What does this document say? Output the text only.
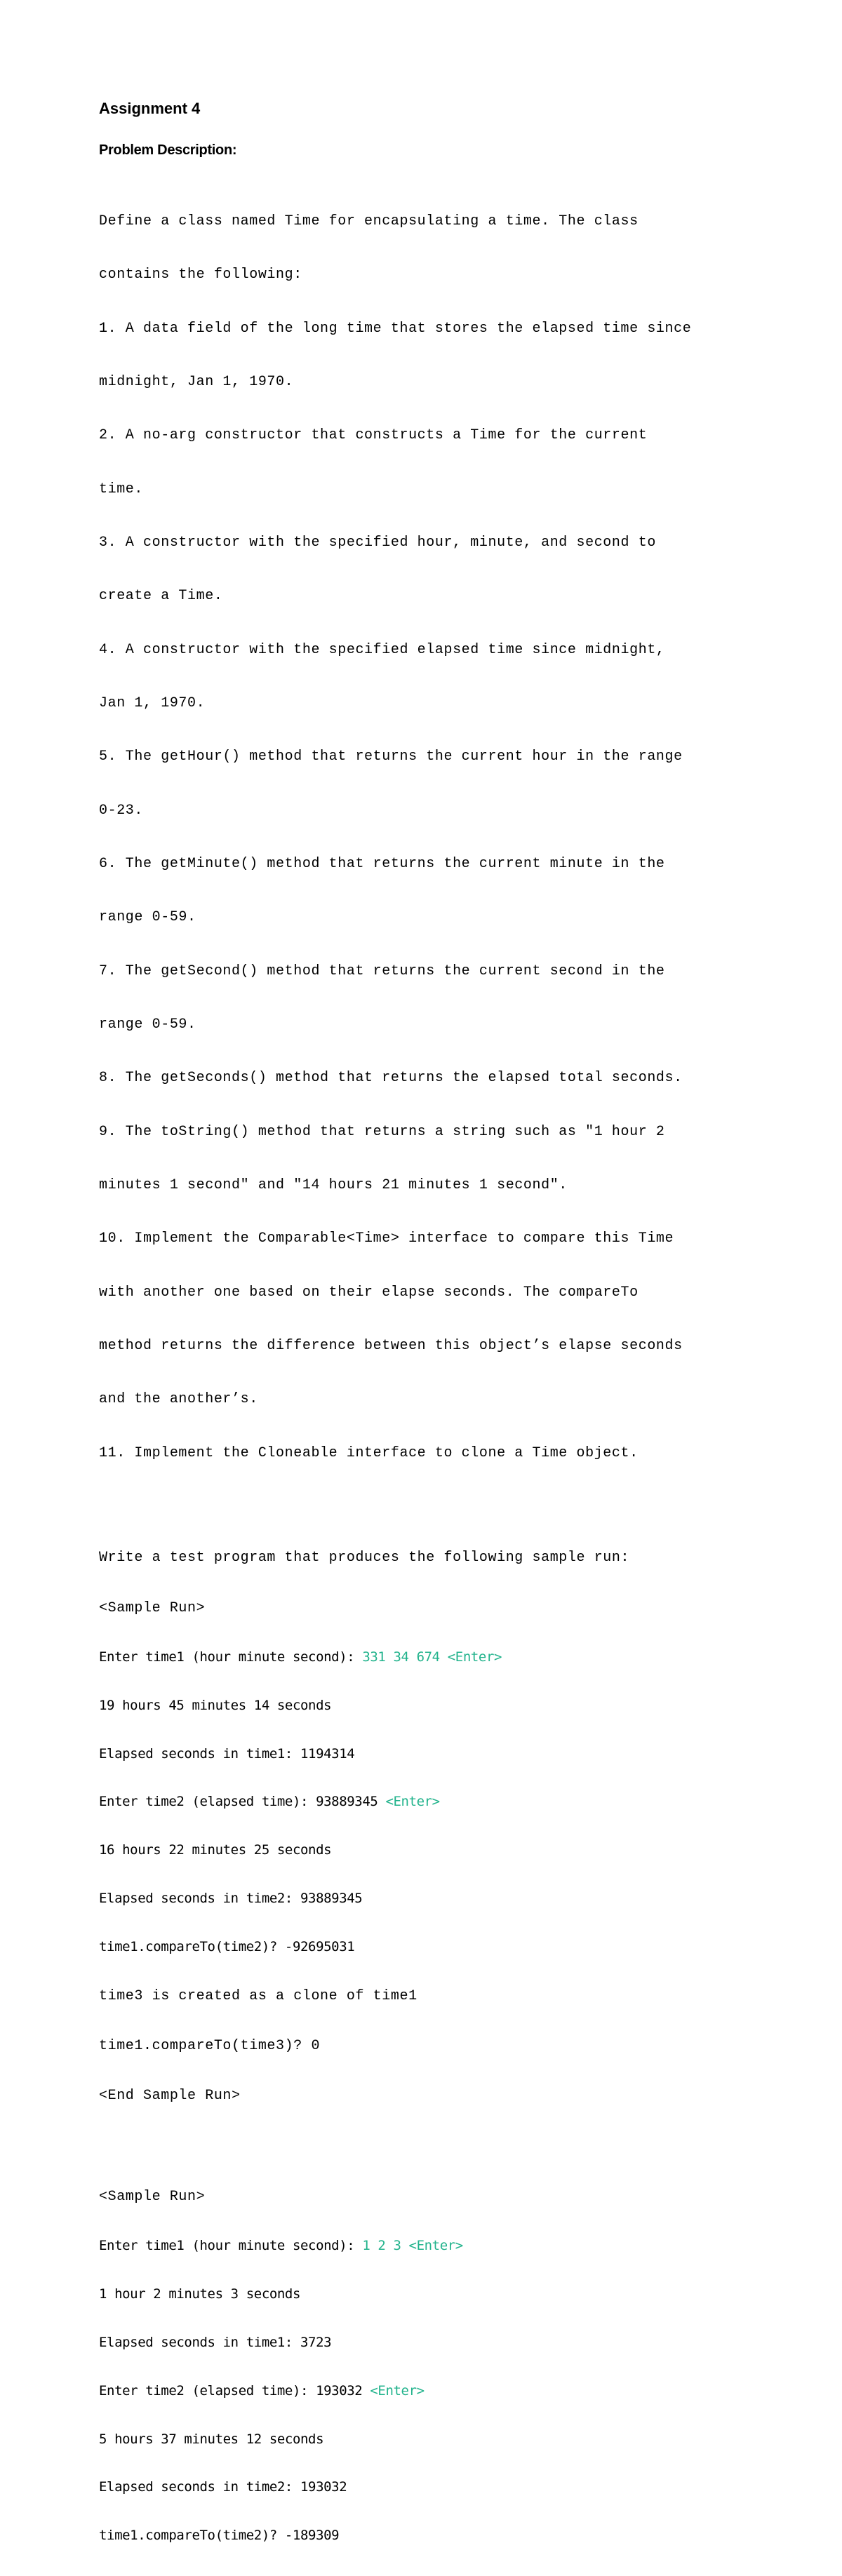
Assignment 4
Problem Description:

Define a class named Time for encapsulating a time. The class

contains the following:

1. A data field of the long time that stores the elapsed time since

midnight, Jan 1, 1970.

2. A no-arg constructor that constructs a Time for the current

time.

3. A constructor with the specified hour, minute, and second to

create a Time.

4. A constructor with the specified elapsed time since midnight,

Jan 1, 1970.

5. The getHour() method that returns the current hour in the range

0-23.

6. The getMinute() method that returns the current minute in the

range 0-59.

7. The getSecond() method that returns the current second in the

range 0-59.

8. The getSeconds() method that returns the elapsed total seconds.

9. The toString() method that returns a string such as "1 hour 2

minutes 1 second" and "14 hours 21 minutes 1 second".

10. Implement the Comparable<Time> interface to compare this Time

with another one based on their elapse seconds. The compareTo

method returns the difference between this object’s elapse seconds

and the another’s.

11. Implement the Cloneable interface to clone a Time object.

Write a test program that produces the following sample run:

<Sample Run>

Enter time1 (hour minute second): 331 34 674 <Enter>

19 hours 45 minutes 14 seconds

Elapsed seconds in time1: 1194314

Enter time2 (elapsed time): 93889345 <Enter>

16 hours 22 minutes 25 seconds

Elapsed seconds in time2: 93889345

time1.compareTo(time2)? -92695031

time3 is created as a clone of time1

time1.compareTo(time3)? 0

<End Sample Run>

<Sample Run>

Enter time1 (hour minute second): 1 2 3 <Enter>

1 hour 2 minutes 3 seconds

Elapsed seconds in time1: 3723

Enter time2 (elapsed time): 193032 <Enter>

5 hours 37 minutes 12 seconds

Elapsed seconds in time2: 193032

time1.compareTo(time2)? -189309
